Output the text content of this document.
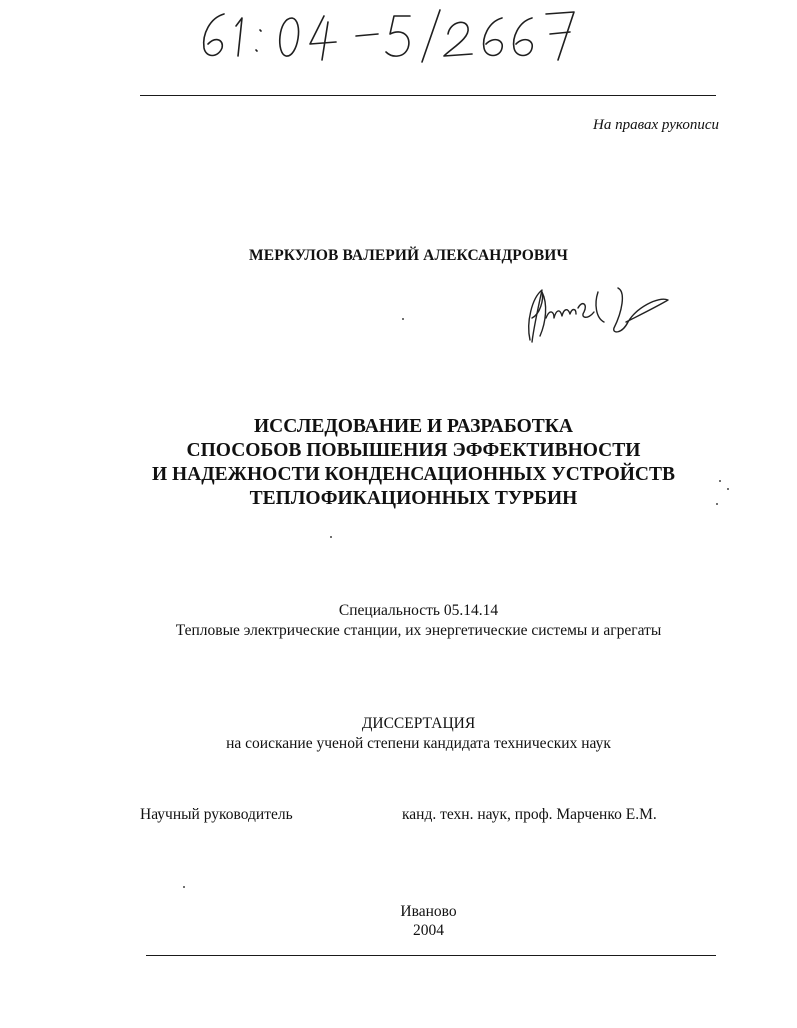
На правах рукописи
МЕРКУЛОВ ВАЛЕРИЙ АЛЕКСАНДРОВИЧ
ИССЛЕДОВАНИЕ И РАЗРАБОТКА
СПОСОБОВ ПОВЫШЕНИЯ ЭФФЕКТИВНОСТИ
И НАДЕЖНОСТИ КОНДЕНСАЦИОННЫХ УСТРОЙСТВ
ТЕПЛОФИКАЦИОННЫХ ТУРБИН
Специальность 05.14.14
Тепловые электрические станции, их энергетические системы и агрегаты
ДИССЕРТАЦИЯ
на соискание ученой степени кандидата технических наук
Научный руководитель	канд. техн. наук, проф. Марченко Е.М.
Иваново
2004
